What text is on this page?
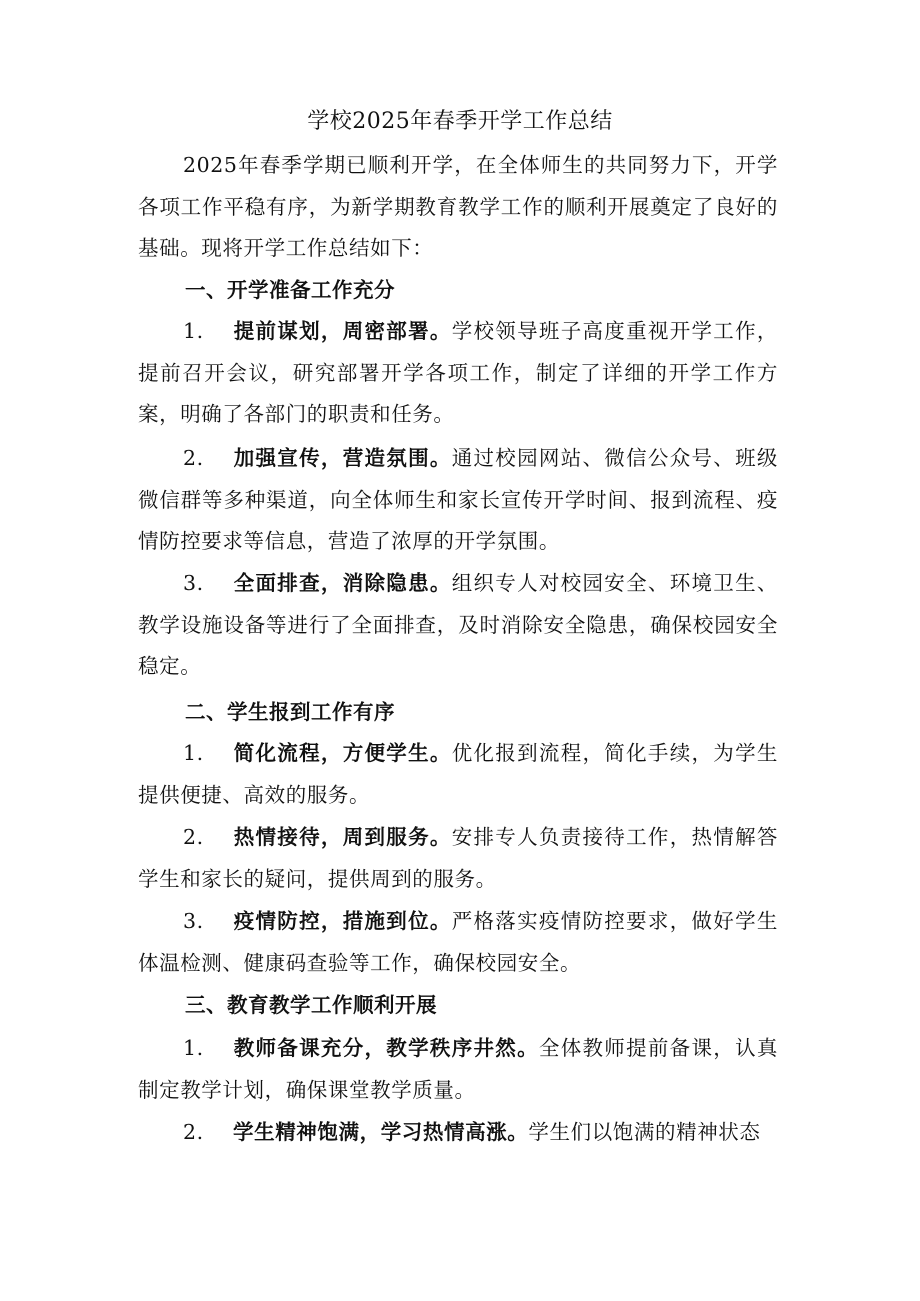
学校2025年春季开学工作总结

2025年春季学期已顺利开学，在全体师生的共同努力下，开学各项工作平稳有序，为新学期教育教学工作的顺利开展奠定了良好的基础。现将开学工作总结如下：

一、开学准备工作充分

1. 提前谋划，周密部署。学校领导班子高度重视开学工作，提前召开会议，研究部署开学各项工作，制定了详细的开学工作方案，明确了各部门的职责和任务。

2. 加强宣传，营造氛围。通过校园网站、微信公众号、班级微信群等多种渠道，向全体师生和家长宣传开学时间、报到流程、疫情防控要求等信息，营造了浓厚的开学氛围。

3. 全面排查，消除隐患。组织专人对校园安全、环境卫生、教学设施设备等进行了全面排查，及时消除安全隐患，确保校园安全稳定。

二、学生报到工作有序

1. 简化流程，方便学生。优化报到流程，简化手续，为学生提供便捷、高效的服务。

2. 热情接待，周到服务。安排专人负责接待工作，热情解答学生和家长的疑问，提供周到的服务。

3. 疫情防控，措施到位。严格落实疫情防控要求，做好学生体温检测、健康码查验等工作，确保校园安全。

三、教育教学工作顺利开展

1. 教师备课充分，教学秩序井然。全体教师提前备课，认真制定教学计划，确保课堂教学质量。

2. 学生精神饱满，学习热情高涨。学生们以饱满的精神状态
